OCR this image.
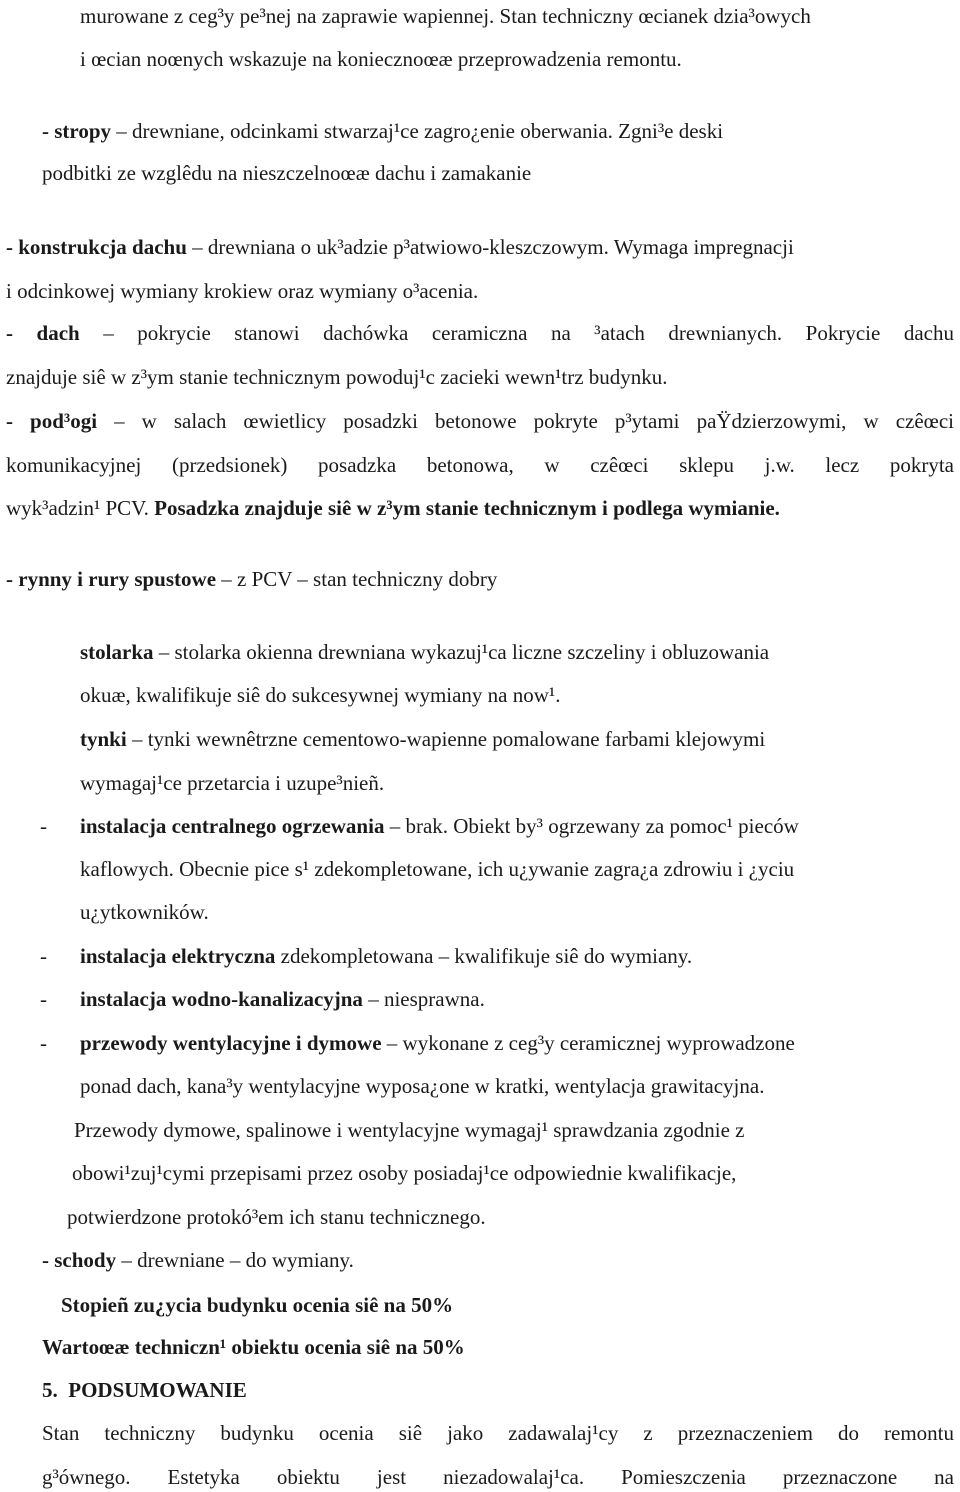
murowane z ceg³y pe³nej na zaprawie wapiennej. Stan techniczny œcianek dzia³owych
i œcian noœnych wskazuje na koniecznoœæ przeprowadzenia remontu.
- stropy – drewniane, odcinkami stwarzaj¹ce zagro¿enie oberwania. Zgni³e deski
podbitki ze wzglêdu na nieszczelnoœæ dachu i zamakanie
- konstrukcja dachu – drewniana o uk³adzie p³atwiowo-kleszczowym. Wymaga impregnacji
i odcinkowej wymiany krokiew oraz wymiany o³acenia.
- dach – pokrycie stanowi dachówka ceramiczna na ³atach drewnianych. Pokrycie dachu
znajduje siê w z³ym stanie technicznym powoduj¹c zacieki wewn¹trz budynku.
- pod³ogi – w salach œwietlicy posadzki betonowe pokryte p³ytami paŸdzierzowymi, w czêœci
komunikacyjnej (przedsionek) posadzka betonowa, w czêœci sklepu j.w. lecz pokryta
wyk³adzin¹ PCV. Posadzka znajduje siê w z³ym stanie technicznym i podlega wymianie.
- rynny i rury spustowe – z PCV – stan techniczny dobry
stolarka – stolarka okienna drewniana wykazuj¹ca liczne szczeliny i obluzowania
okuæ, kwalifikuje siê do sukcesywnej wymiany na now¹.
tynki – tynki wewnêtrzne cementowo-wapienne pomalowane farbami klejowymi
wymagaj¹ce przetarcia i uzupe³nieñ.
- instalacja centralnego ogrzewania – brak. Obiekt by³ ogrzewany za pomoc¹ pieców
kaflowych. Obecnie pice s¹ zdekompletowane, ich u¿ywanie zagra¿a zdrowiu i ¿yciu
u¿ytkowników.
- instalacja elektryczna zdekompletowana – kwalifikuje siê do wymiany.
- instalacja wodno-kanalizacyjna – niesprawna.
- przewody wentylacyjne i dymowe – wykonane z ceg³y ceramicznej wyprowadzone
ponad dach, kana³y wentylacyjne wyposa¿one w kratki, wentylacja grawitacyjna.
Przewody dymowe, spalinowe i wentylacyjne wymagaj¹ sprawdzania zgodnie z
obowi¹zuj¹cymi przepisami przez osoby posiadaj¹ce odpowiednie kwalifikacje,
potwierdzone protokó³em ich stanu technicznego.
- schody – drewniane – do wymiany.
Stopieñ zu¿ycia budynku ocenia siê na 50%
Wartoœæ techniczn¹ obiektu ocenia siê na 50%
5. PODSUMOWANIE
Stan techniczny budynku ocenia siê jako zadawalaj¹cy z przeznaczeniem do remontu
g³ównego. Estetyka obiektu jest niezadowalaj¹ca. Pomieszczenia przeznaczone na
